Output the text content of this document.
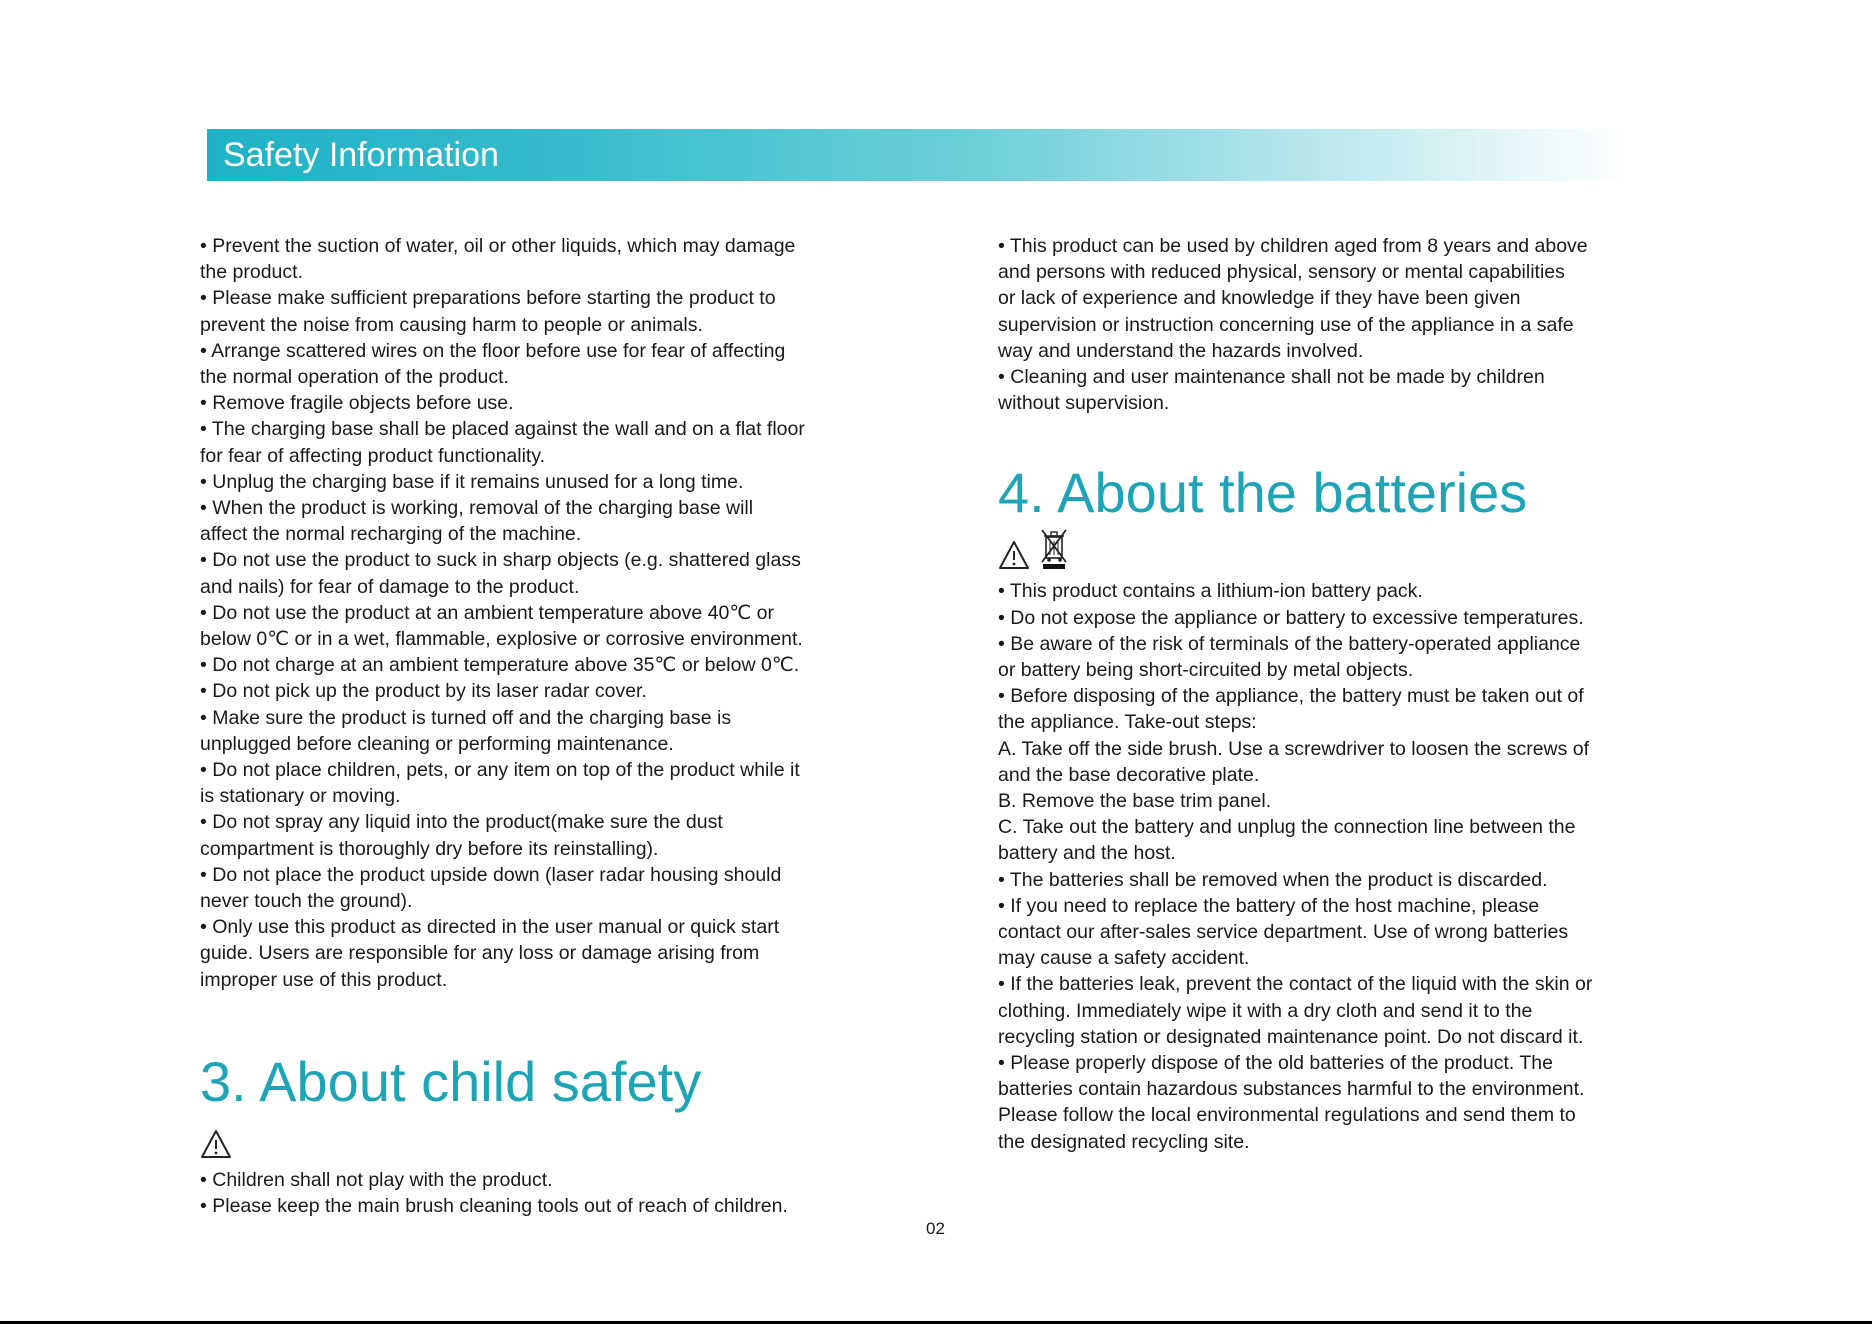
Safety Information

• Prevent the suction of water, oil or other liquids, which may damage

the product.

• Please make sufficient preparations before starting the product to

prevent the noise from causing harm to people or animals.

• Arrange scattered wires on the floor before use for fear of affecting

the normal operation of the product.

• Remove fragile objects before use.

• The charging base shall be placed against the wall and on a flat floor

for fear of affecting product functionality.

• Unplug the charging base if it remains unused for a long time.

• When the product is working, removal of the charging base will

affect the normal recharging of the machine.

• Do not use the product to suck in sharp objects (e.g. shattered glass

and nails) for fear of damage to the product.

• Do not use the product at an ambient temperature above 40℃ or

below 0℃ or in a wet, flammable, explosive or corrosive environment.

• Do not charge at an ambient temperature above 35℃ or below 0℃.

• Do not pick up the product by its laser radar cover.

• Make sure the product is turned off and the charging base is

unplugged before cleaning or performing maintenance.

• Do not place children, pets, or any item on top of the product while it

is stationary or moving.

• Do not spray any liquid into the product(make sure the dust

compartment is thoroughly dry before its reinstalling).

• Do not place the product upside down (laser radar housing should

never touch the ground).

• Only use this product as directed in the user manual or quick start

guide. Users are responsible for any loss or damage arising from

improper use of this product.

3. About child safety

• Children shall not play with the product.

• Please keep the main brush cleaning tools out of reach of children.

• This product can be used by children aged from 8 years and above

and persons with reduced physical, sensory or mental capabilities

or lack of experience and knowledge if they have been given

supervision or instruction concerning use of the appliance in a safe

way and understand the hazards involved.

• Cleaning and user maintenance shall not be made by children

without supervision.

4. About the batteries

• This product contains a lithium-ion battery pack.

• Do not expose the appliance or battery to excessive temperatures.

• Be aware of the risk of terminals of the battery-operated appliance

or battery being short-circuited by metal objects.

• Before disposing of the appliance, the battery must be taken out of

the appliance. Take-out steps:

A. Take off the side brush. Use a screwdriver to loosen the screws of

and the base decorative plate.

B. Remove the base trim panel.

C. Take out the battery and unplug the connection line between the

battery and the host.

• The batteries shall be removed when the product is discarded.

• If you need to replace the battery of the host machine, please

contact our after-sales service department. Use of wrong batteries

may cause a safety accident.

• If the batteries leak, prevent the contact of the liquid with the skin or

clothing. Immediately wipe it with a dry cloth and send it to the

recycling station or designated maintenance point. Do not discard it.

• Please properly dispose of the old batteries of the product. The

batteries contain hazardous substances harmful to the environment.

Please follow the local environmental regulations and send them to

the designated recycling site.

02
